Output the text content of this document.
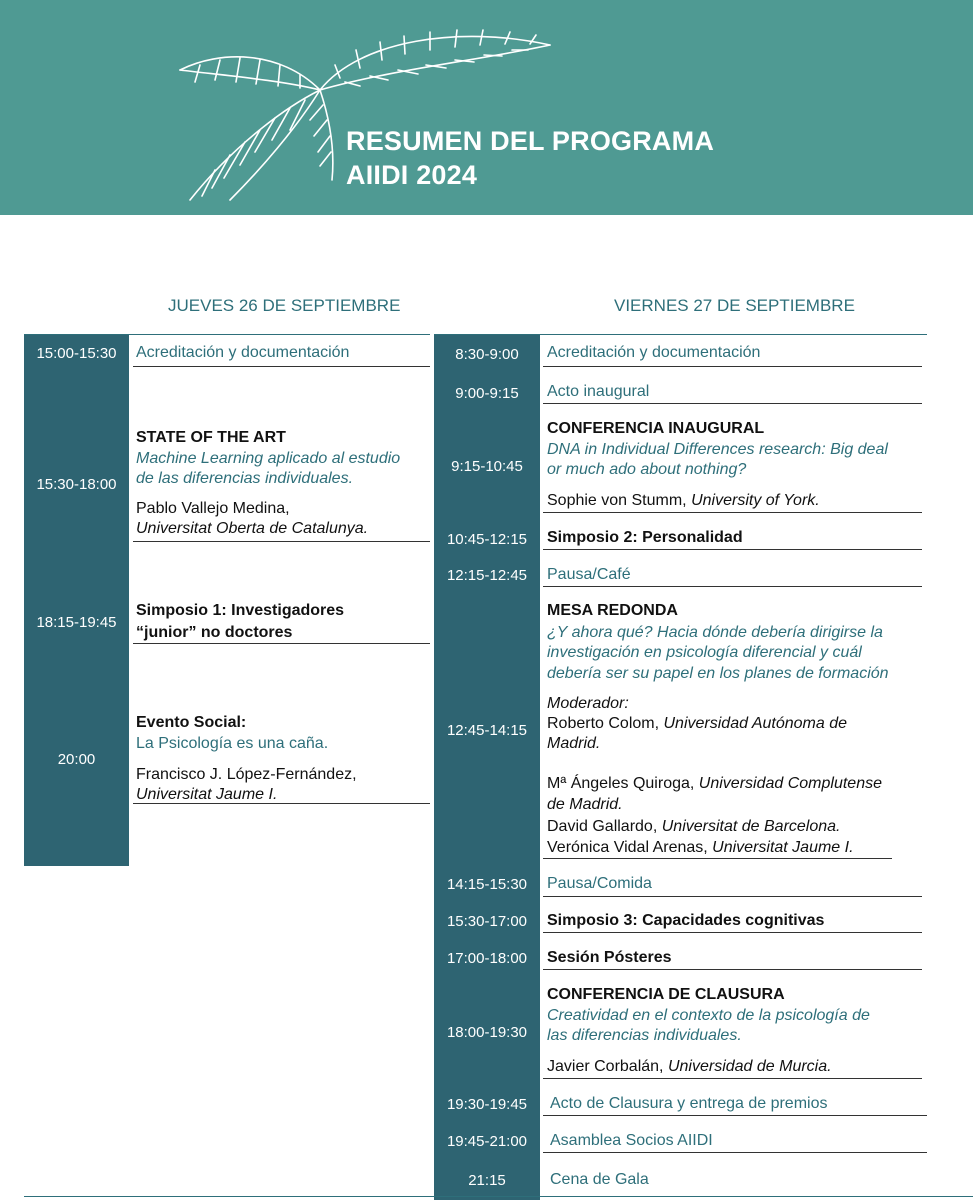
RESUMEN DEL PROGRAMA
AIIDI 2024
JUEVES 26 DE SEPTIEMBRE	VIERNES 27 DE SEPTIEMBRE
15:00-15:30	Acreditación y documentación
15:30-18:00
STATE OF THE ART
Machine Learning aplicado al estudio
de las diferencias individuales.
Pablo Vallejo Medina,
Universitat Oberta de Catalunya.
18:15-19:45
Simposio 1: Investigadores
“junior” no doctores
20:00
Evento Social:
La Psicología es una caña.
Francisco J. López-Fernández,
Universitat Jaume I.
8:30-9:00	Acreditación y documentación
9:00-9:15	Acto inaugural
9:15-10:45
CONFERENCIA INAUGURAL
DNA in Individual Differences research: Big deal
or much ado about nothing?
Sophie von Stumm, University of York.
10:45-12:15	Simposio 2: Personalidad
12:15-12:45	Pausa/Café
12:45-14:15
MESA REDONDA
¿Y ahora qué? Hacia dónde debería dirigirse la
investigación en psicología diferencial y cuál
debería ser su papel en los planes de formación
Moderador:
Roberto Colom, Universidad Autónoma de
Madrid.
Mª Ángeles Quiroga, Universidad Complutense
de Madrid.
David Gallardo, Universitat de Barcelona.
Verónica Vidal Arenas, Universitat Jaume I.
14:15-15:30	Pausa/Comida
15:30-17:00	Simposio 3: Capacidades cognitivas
17:00-18:00	Sesión Pósteres
18:00-19:30
CONFERENCIA DE CLAUSURA
Creatividad en el contexto de la psicología de
las diferencias individuales.
Javier Corbalán, Universidad de Murcia.
19:30-19:45	Acto de Clausura y entrega de premios
19:45-21:00	Asamblea Socios AIIDI
21:15	Cena de Gala
